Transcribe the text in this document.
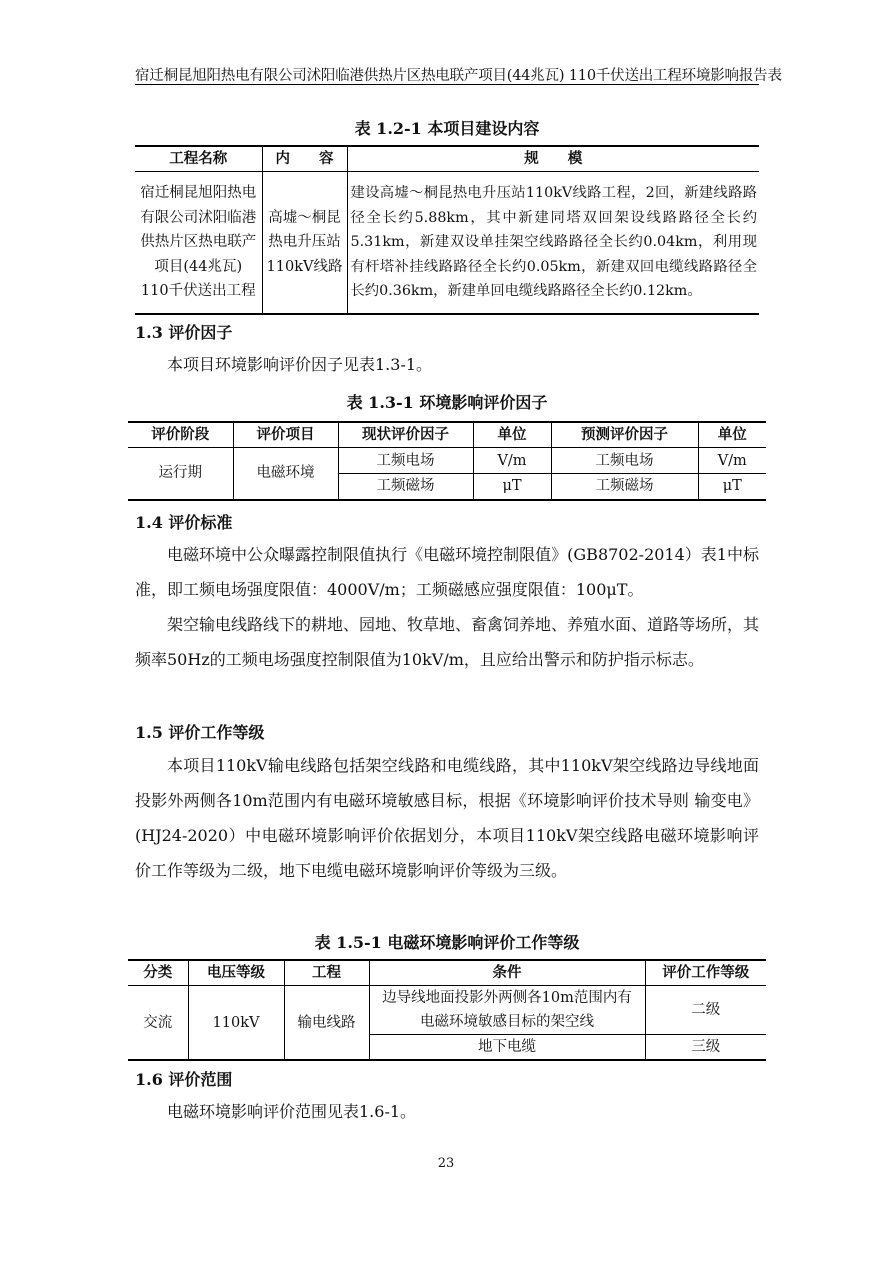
宿迁桐昆旭阳热电有限公司沭阳临港供热片区热电联产项目(44兆瓦) 110千伏送出工程环境影响报告表
表 1.2-1 本项目建设内容
工程名称	内　　容	规　　模
宿迁桐昆旭阳热电有限公司沭阳临港供热片区热电联产项目(44兆瓦) 110千伏送出工程	高墟～桐昆热电升压站110kV线路	建设高墟～桐昆热电升压站110kV线路工程，2回，新建线路路径全长约5.88km，其中新建同塔双回架设线路路径全长约5.31km，新建双设单挂架空线路路径全长约0.04km，利用现有杆塔补挂线路路径全长约0.05km，新建双回电缆线路路径全长约0.36km，新建单回电缆线路路径全长约0.12km。
1.3 评价因子

本项目环境影响评价因子见表1.3-1。

表 1.3-1 环境影响评价因子
评价阶段	评价项目	现状评价因子	单位	预测评价因子	单位
运行期	电磁环境	工频电场	V/m	工频电场	V/m
		工频磁场	μT	工频磁场	μT
1.4 评价标准

电磁环境中公众曝露控制限值执行《电磁环境控制限值》(GB8702-2014）表1中标准，即工频电场强度限值：4000V/m；工频磁感应强度限值：100μT。

架空输电线路线下的耕地、园地、牧草地、畜禽饲养地、养殖水面、道路等场所，其频率50Hz的工频电场强度控制限值为10kV/m，且应给出警示和防护指示标志。

1.5 评价工作等级

本项目110kV输电线路包括架空线路和电缆线路，其中110kV架空线路边导线地面投影外两侧各10m范围内有电磁环境敏感目标，根据《环境影响评价技术导则 输变电》(HJ24-2020）中电磁环境影响评价依据划分，本项目110kV架空线路电磁环境影响评价工作等级为二级，地下电缆电磁环境影响评价等级为三级。

表 1.5-1 电磁环境影响评价工作等级
分类	电压等级	工程	条件	评价工作等级
交流	110kV	输电线路	边导线地面投影外两侧各10m范围内有电磁环境敏感目标的架空线	二级
			地下电缆	三级
1.6 评价范围

电磁环境影响评价范围见表1.6-1。

23
